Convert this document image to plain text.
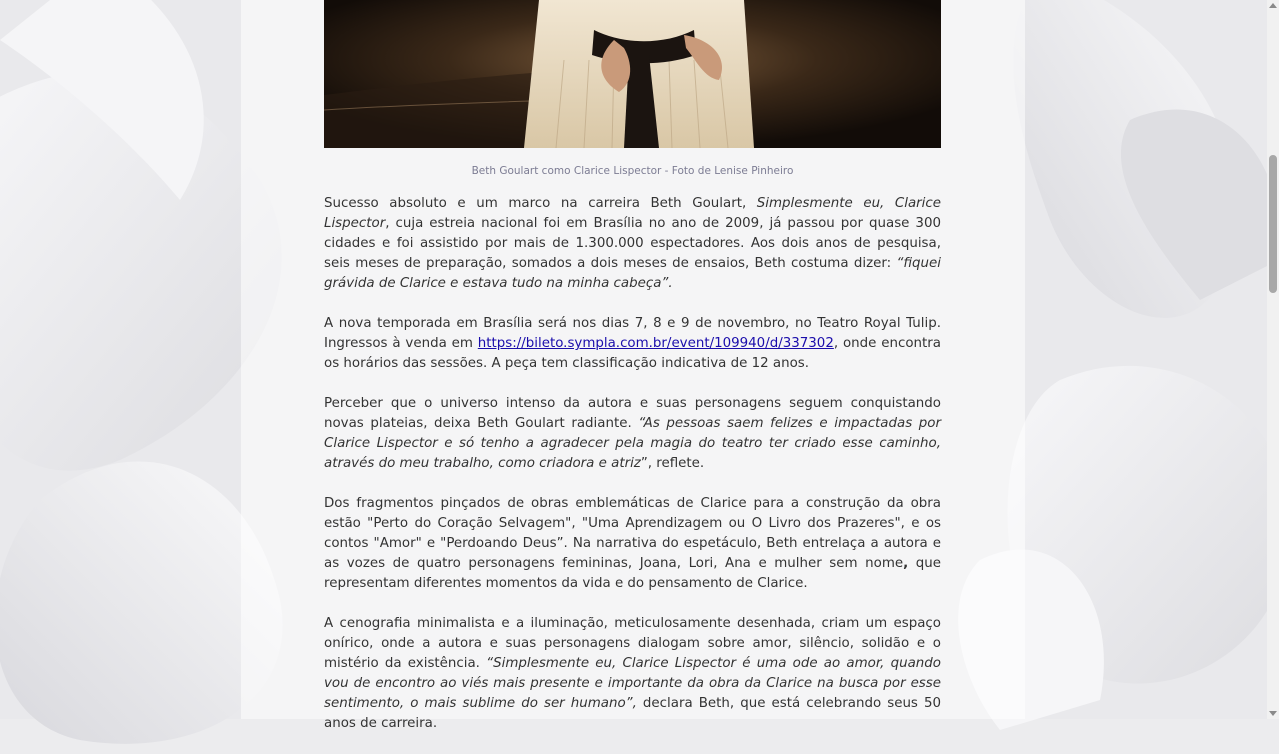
Beth Goulart como Clarice Lispector - Foto de Lenise Pinheiro

Sucesso absoluto e um marco na carreira Beth Goulart, Simplesmente eu, Clarice Lispector, cuja estreia nacional foi em Brasília no ano de 2009, já passou por quase 300 cidades e foi assistido por mais de 1.300.000 espectadores. Aos dois anos de pesquisa, seis meses de preparação, somados a dois meses de ensaios, Beth costuma dizer: “fiquei grávida de Clarice e estava tudo na minha cabeça”.

A nova temporada em Brasília será nos dias 7, 8 e 9 de novembro, no Teatro Royal Tulip. Ingressos à venda em https://bileto.sympla.com.br/event/109940/d/337302, onde encontra os horários das sessões. A peça tem classificação indicativa de 12 anos.

Perceber que o universo intenso da autora e suas personagens seguem conquistando novas plateias, deixa Beth Goulart radiante. “As pessoas saem felizes e impactadas por Clarice Lispector e só tenho a agradecer pela magia do teatro ter criado esse caminho, através do meu trabalho, como criadora e atriz”, reflete.

Dos fragmentos pinçados de obras emblemáticas de Clarice para a construção da obra estão "Perto do Coração Selvagem", "Uma Aprendizagem ou O Livro dos Prazeres", e os contos "Amor" e "Perdoando Deus”. Na narrativa do espetáculo, Beth entrelaça a autora e as vozes de quatro personagens femininas, Joana, Lori, Ana e mulher sem nome, que representam diferentes momentos da vida e do pensamento de Clarice.

A cenografia minimalista e a iluminação, meticulosamente desenhada, criam um espaço onírico, onde a autora e suas personagens dialogam sobre amor, silêncio, solidão e o mistério da existência. “Simplesmente eu, Clarice Lispector é uma ode ao amor, quando vou de encontro ao viés mais presente e importante da obra da Clarice na busca por esse sentimento, o mais sublime do ser humano”, declara Beth, que está celebrando seus 50 anos de carreira.
